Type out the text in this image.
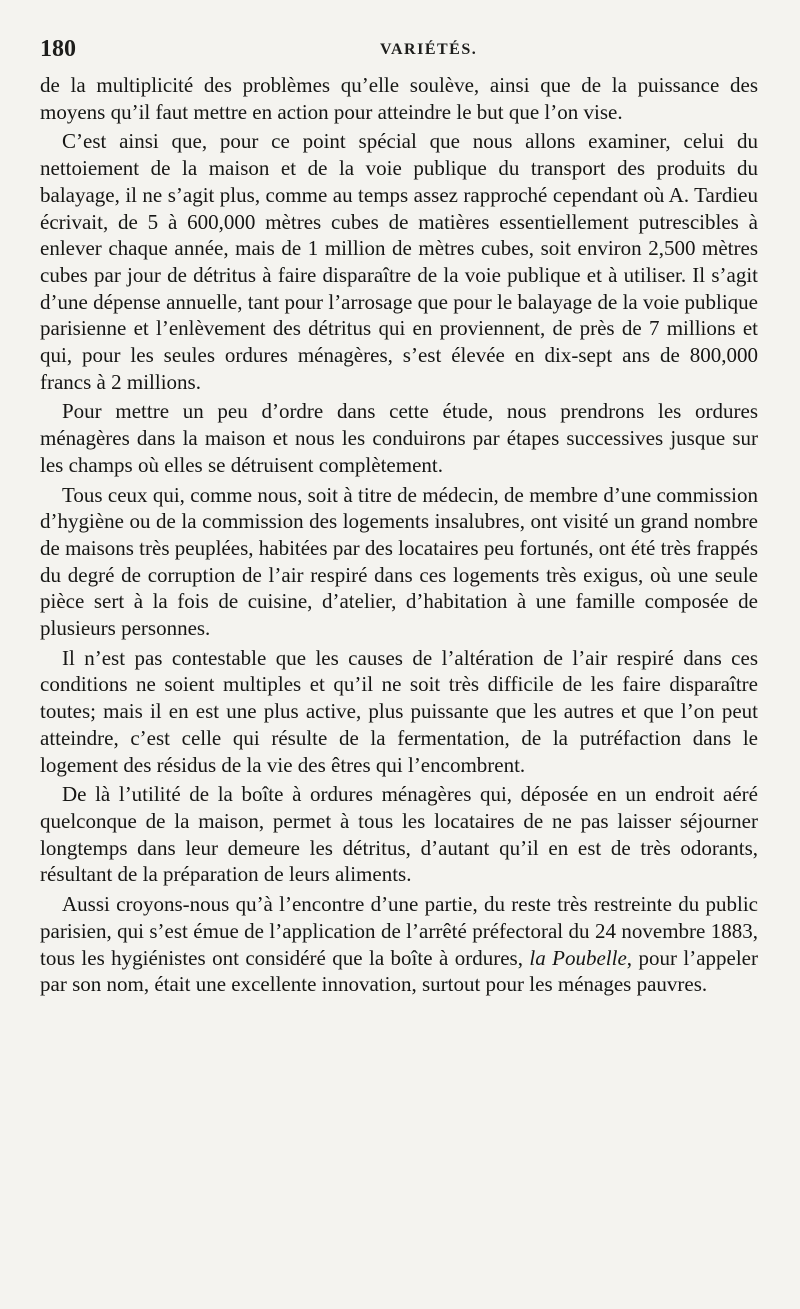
180	VARIÉTÉS.

de la multiplicité des problèmes qu’elle soulève, ainsi que de la puissance des moyens qu’il faut mettre en action pour atteindre le but que l’on vise.

C’est ainsi que, pour ce point spécial que nous allons examiner, celui du nettoiement de la maison et de la voie publique du transport des produits du balayage, il ne s’agit plus, comme au temps assez rapproché cependant où A. Tardieu écrivait, de 5 à 600,000 mètres cubes de matières essentiellement putrescibles à enlever chaque année, mais de 1 million de mètres cubes, soit environ 2,500 mètres cubes par jour de détritus à faire disparaître de la voie publique et à utiliser. Il s’agit d’une dépense annuelle, tant pour l’arrosage que pour le balayage de la voie publique parisienne et l’enlèvement des détritus qui en proviennent, de près de 7 millions et qui, pour les seules ordures ménagères, s’est élevée en dix-sept ans de 800,000 francs à 2 millions.

Pour mettre un peu d’ordre dans cette étude, nous prendrons les ordures ménagères dans la maison et nous les conduirons par étapes successives jusque sur les champs où elles se détruisent complètement.

Tous ceux qui, comme nous, soit à titre de médecin, de membre d’une commission d’hygiène ou de la commission des logements insalubres, ont visité un grand nombre de maisons très peuplées, habitées par des locataires peu fortunés, ont été très frappés du degré de corruption de l’air respiré dans ces logements très exigus, où une seule pièce sert à la fois de cuisine, d’atelier, d’habitation à une famille composée de plusieurs personnes.

Il n’est pas contestable que les causes de l’altération de l’air respiré dans ces conditions ne soient multiples et qu’il ne soit très difficile de les faire disparaître toutes; mais il en est une plus active, plus puissante que les autres et que l’on peut atteindre, c’est celle qui résulte de la fermentation, de la putréfaction dans le logement des résidus de la vie des êtres qui l’encombrent.

De là l’utilité de la boîte à ordures ménagères qui, déposée en un endroit aéré quelconque de la maison, permet à tous les locataires de ne pas laisser séjourner longtemps dans leur demeure les détritus, d’autant qu’il en est de très odorants, résultant de la préparation de leurs aliments.

Aussi croyons-nous qu’à l’encontre d’une partie, du reste très restreinte du public parisien, qui s’est émue de l’application de l’arrêté préfectoral du 24 novembre 1883, tous les hygiénistes ont considéré que la boîte à ordures, la Poubelle, pour l’appeler par son nom, était une excellente innovation, surtout pour les ménages pauvres.
